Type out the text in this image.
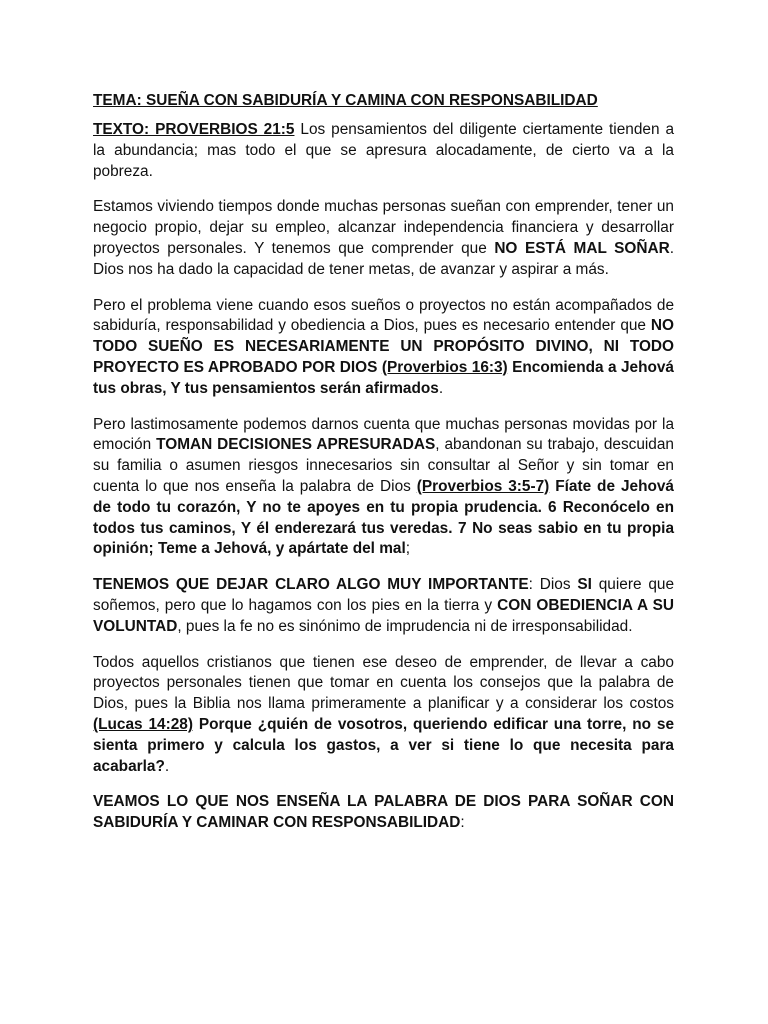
TEMA: SUEÑA CON SABIDURÍA Y CAMINA CON RESPONSABILIDAD

TEXTO: PROVERBIOS 21:5 Los pensamientos del diligente ciertamente tienden a la abundancia; mas todo el que se apresura alocadamente, de cierto va a la pobreza.

Estamos viviendo tiempos donde muchas personas sueñan con emprender, tener un negocio propio, dejar su empleo, alcanzar independencia financiera y desarrollar proyectos personales. Y tenemos que comprender que NO ESTÁ MAL SOÑAR. Dios nos ha dado la capacidad de tener metas, de avanzar y aspirar a más.

Pero el problema viene cuando esos sueños o proyectos no están acompañados de sabiduría, responsabilidad y obediencia a Dios, pues es necesario entender que NO TODO SUEÑO ES NECESARIAMENTE UN PROPÓSITO DIVINO, NI TODO PROYECTO ES APROBADO POR DIOS (Proverbios 16:3) Encomienda a Jehová tus obras, Y tus pensamientos serán afirmados.

Pero lastimosamente podemos darnos cuenta que muchas personas movidas por la emoción TOMAN DECISIONES APRESURADAS, abandonan su trabajo, descuidan su familia o asumen riesgos innecesarios sin consultar al Señor y sin tomar en cuenta lo que nos enseña la palabra de Dios (Proverbios 3:5-7) Fíate de Jehová de todo tu corazón, Y no te apoyes en tu propia prudencia. 6 Reconócelo en todos tus caminos, Y él enderezará tus veredas. 7 No seas sabio en tu propia opinión; Teme a Jehová, y apártate del mal;

TENEMOS QUE DEJAR CLARO ALGO MUY IMPORTANTE: Dios SI quiere que soñemos, pero que lo hagamos con los pies en la tierra y CON OBEDIENCIA A SU VOLUNTAD, pues la fe no es sinónimo de imprudencia ni de irresponsabilidad.

Todos aquellos cristianos que tienen ese deseo de emprender, de llevar a cabo proyectos personales tienen que tomar en cuenta los consejos que la palabra de Dios, pues la Biblia nos llama primeramente a planificar y a considerar los costos (Lucas 14:28) Porque ¿quién de vosotros, queriendo edificar una torre, no se sienta primero y calcula los gastos, a ver si tiene lo que necesita para acabarla?.

VEAMOS LO QUE NOS ENSEÑA LA PALABRA DE DIOS PARA SOÑAR CON SABIDURÍA Y CAMINAR CON RESPONSABILIDAD:
